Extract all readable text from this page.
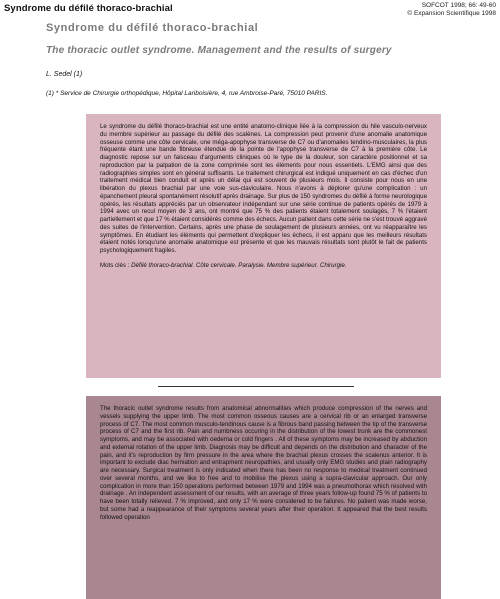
Syndrome du défilé thoraco-brachial	SOFCOT 1998; 66: 49-60
© Expansion Scientifique 1998
Syndrome du défilé thoraco-brachial
The thoracic outlet syndrome. Management and the results of surgery
L. Sedel (1)
(1) * Service de Chirurgie orthopédique, Hôpital Lariboisière, 4, rue Ambroise-Paré, 75010 PARIS.

Le syndrome du défilé thoraco-brachial est une entité anatomo-clinique liée à la compression du hile vasculo-nerveux du membre supérieur au passage du défilé des scalènes. La compression peut provenir d'une anomalie anatomique osseuse comme une côte cervicale, une méga-apophyse transverse de C7 ou d'anomalies tendino-musculaires, la plus fréquente étant une bande fibreuse étendue de la pointe de l'apophyse transverse de C7 à la première côte. Le diagnostic repose sur un faisceau d'arguments cliniques où le type de la douleur, son caractère positionnel et sa reproduction par la palpation de la zone comprimée sont les éléments pour nous essentiels. L'EMG ainsi que des radiographies simples sont en général suffisants. Le traitement chirurgical est indiqué uniquement en cas d'échec d'un traitement médical bien conduit et après un délai qui est souvent de plusieurs mois. Il consiste pour nous en une libération du plexus brachial par une voie sus-claviculaire. Nous n'avons à déplorer qu'une complication : un épanchement pleural spontanément résolutif après drainage. Sur plus de 150 syndromes du défilé à forme neurologique opérés, les résultats appréciés par un observateur indépendant sur une série continue de patients opérés de 1979 à 1994 avec un recul moyen de 3 ans, ont montré que 75 % des patients étaient totalement soulagés, 7 % l'étaient partiellement et que 17 % étaient considérés comme des échecs. Aucun patient dans cette série ne s'est trouvé aggravé des suites de l'intervention. Certains, après une phase de soulagement de plusieurs années, ont vu réapparaître les symptômes. En étudiant les éléments qui permettent d'expliquer les échecs, il est apparu que les meilleurs résultats étaient notés lorsqu'une anomalie anatomique est présente et que les mauvais résultats sont plutôt le fait de patients psychologiquement fragiles.

Mots clés : Défilé thoraco-brachial. Côte cervicale. Paralysie. Membre supérieur. Chirurgie.

The thoracic outlet syndrome results from anatomical abnormalities which produce compression of the nerves and vessels supplying the upper limb. The most common osseous causes are a cervical rib or an enlarged transverse process of C7. The most common musculo-tendinous cause is a fibrous band passing between the tip of the transverse process of C7 and the first rib. Pain and numbness occuring in the distribution of the lowest trunk are the commonest symptoms, and may be associated with oedema or cold fingers . All of these symptoms may be increased by abduction and external rotation of the upper limb. Diagnosis may be difficult and depends on the distribution and character of the pain, and it's reproduction by firm pressure in the area where the brachial plexus crosses the scalenus anterior. It is important to exclude diac herniation and entrapment neuropathies, and usually only EMG studies and plain radiography are necessary. Surgical treatment is only indicated when there has been no response to medical treatment continued over several months, and we like to free and to mobilise the plexus using a supra-clavicular approach. Our only complication in more than 150 operations performed between 1979 and 1994 was a pneumothorax which resolved with drainage . An independent assessment of our results, with an average of three years follow-up found 75 % of patients to have been totally relieved. 7 % improved, and only 17 % were considered to be failures. No patient was made worse, but some had a reappearance of their symptoms several years after their operation. It appeared that the best results followed operation
